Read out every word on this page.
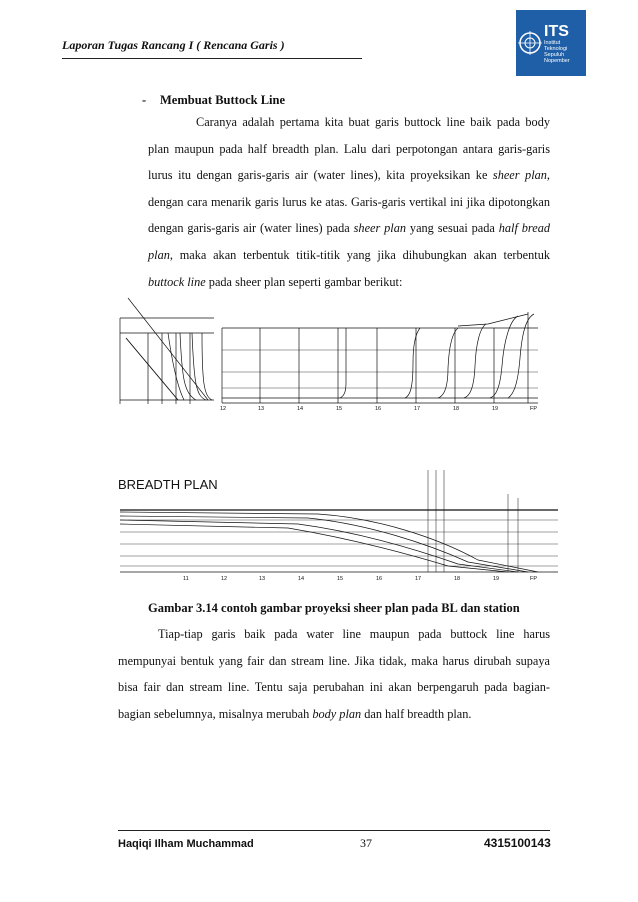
Laporan Tugas Rancang I ( Rencana Garis )
ITS
Institut
Teknologi
Sepuluh Nopember
- Membuat Buttock Line
Caranya adalah pertama kita buat garis buttock line baik pada body plan maupun pada half breadth plan. Lalu dari perpotongan antara garis-garis lurus itu dengan garis-garis air (water lines), kita proyeksikan ke sheer plan, dengan cara menarik garis lurus ke atas. Garis-garis vertikal ini jika dipotongkan dengan garis-garis air (water lines) pada sheer plan yang sesuai pada half bread plan, maka akan terbentuk titik-titik yang jika dihubungkan akan terbentuk buttock line pada sheer plan seperti gambar berikut:
12	13	14	15	16	17	18	19	FP
BREADTH PLAN
11	12	13	14	15	16	17	18	19	FP
Gambar 3.14 contoh gambar proyeksi sheer plan pada BL dan station
Tiap-tiap garis baik pada water line maupun pada buttock line harus mempunyai bentuk yang fair dan stream line. Jika tidak, maka harus dirubah supaya bisa fair dan stream line. Tentu saja perubahan ini akan berpengaruh pada bagian-bagian sebelumnya, misalnya merubah body plan dan half breadth plan.
Haqiqi Ilham Muchammad	37	4315100143
